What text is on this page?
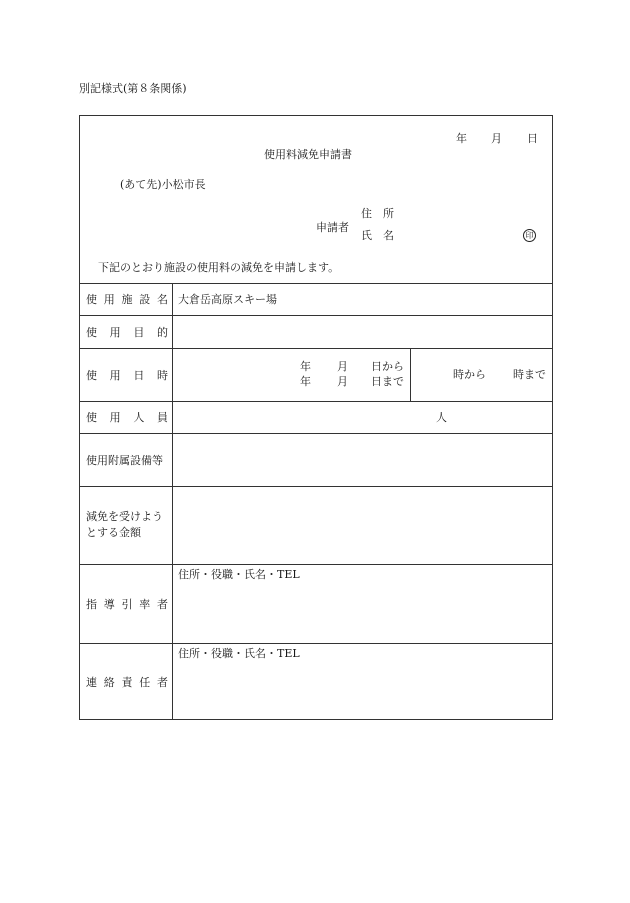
別記様式(第８条関係)
年 月 日
使用料減免申請書
(あて先)小松市長
申請者
住　所
氏　名	印
下記のとおり施設の使用料の減免を申請します。
使 用 施 設 名 大倉岳高原スキー場
使 用 目 的
使 用 日 時
年 月 日から
年 月 日まで
時から 時まで
使 用 人 員	人
使用附属設備等
減免を受けよう
とする金額
指 導 引 率 者
住所・役職・氏名・TEL
連 絡 責 任 者
住所・役職・氏名・TEL
